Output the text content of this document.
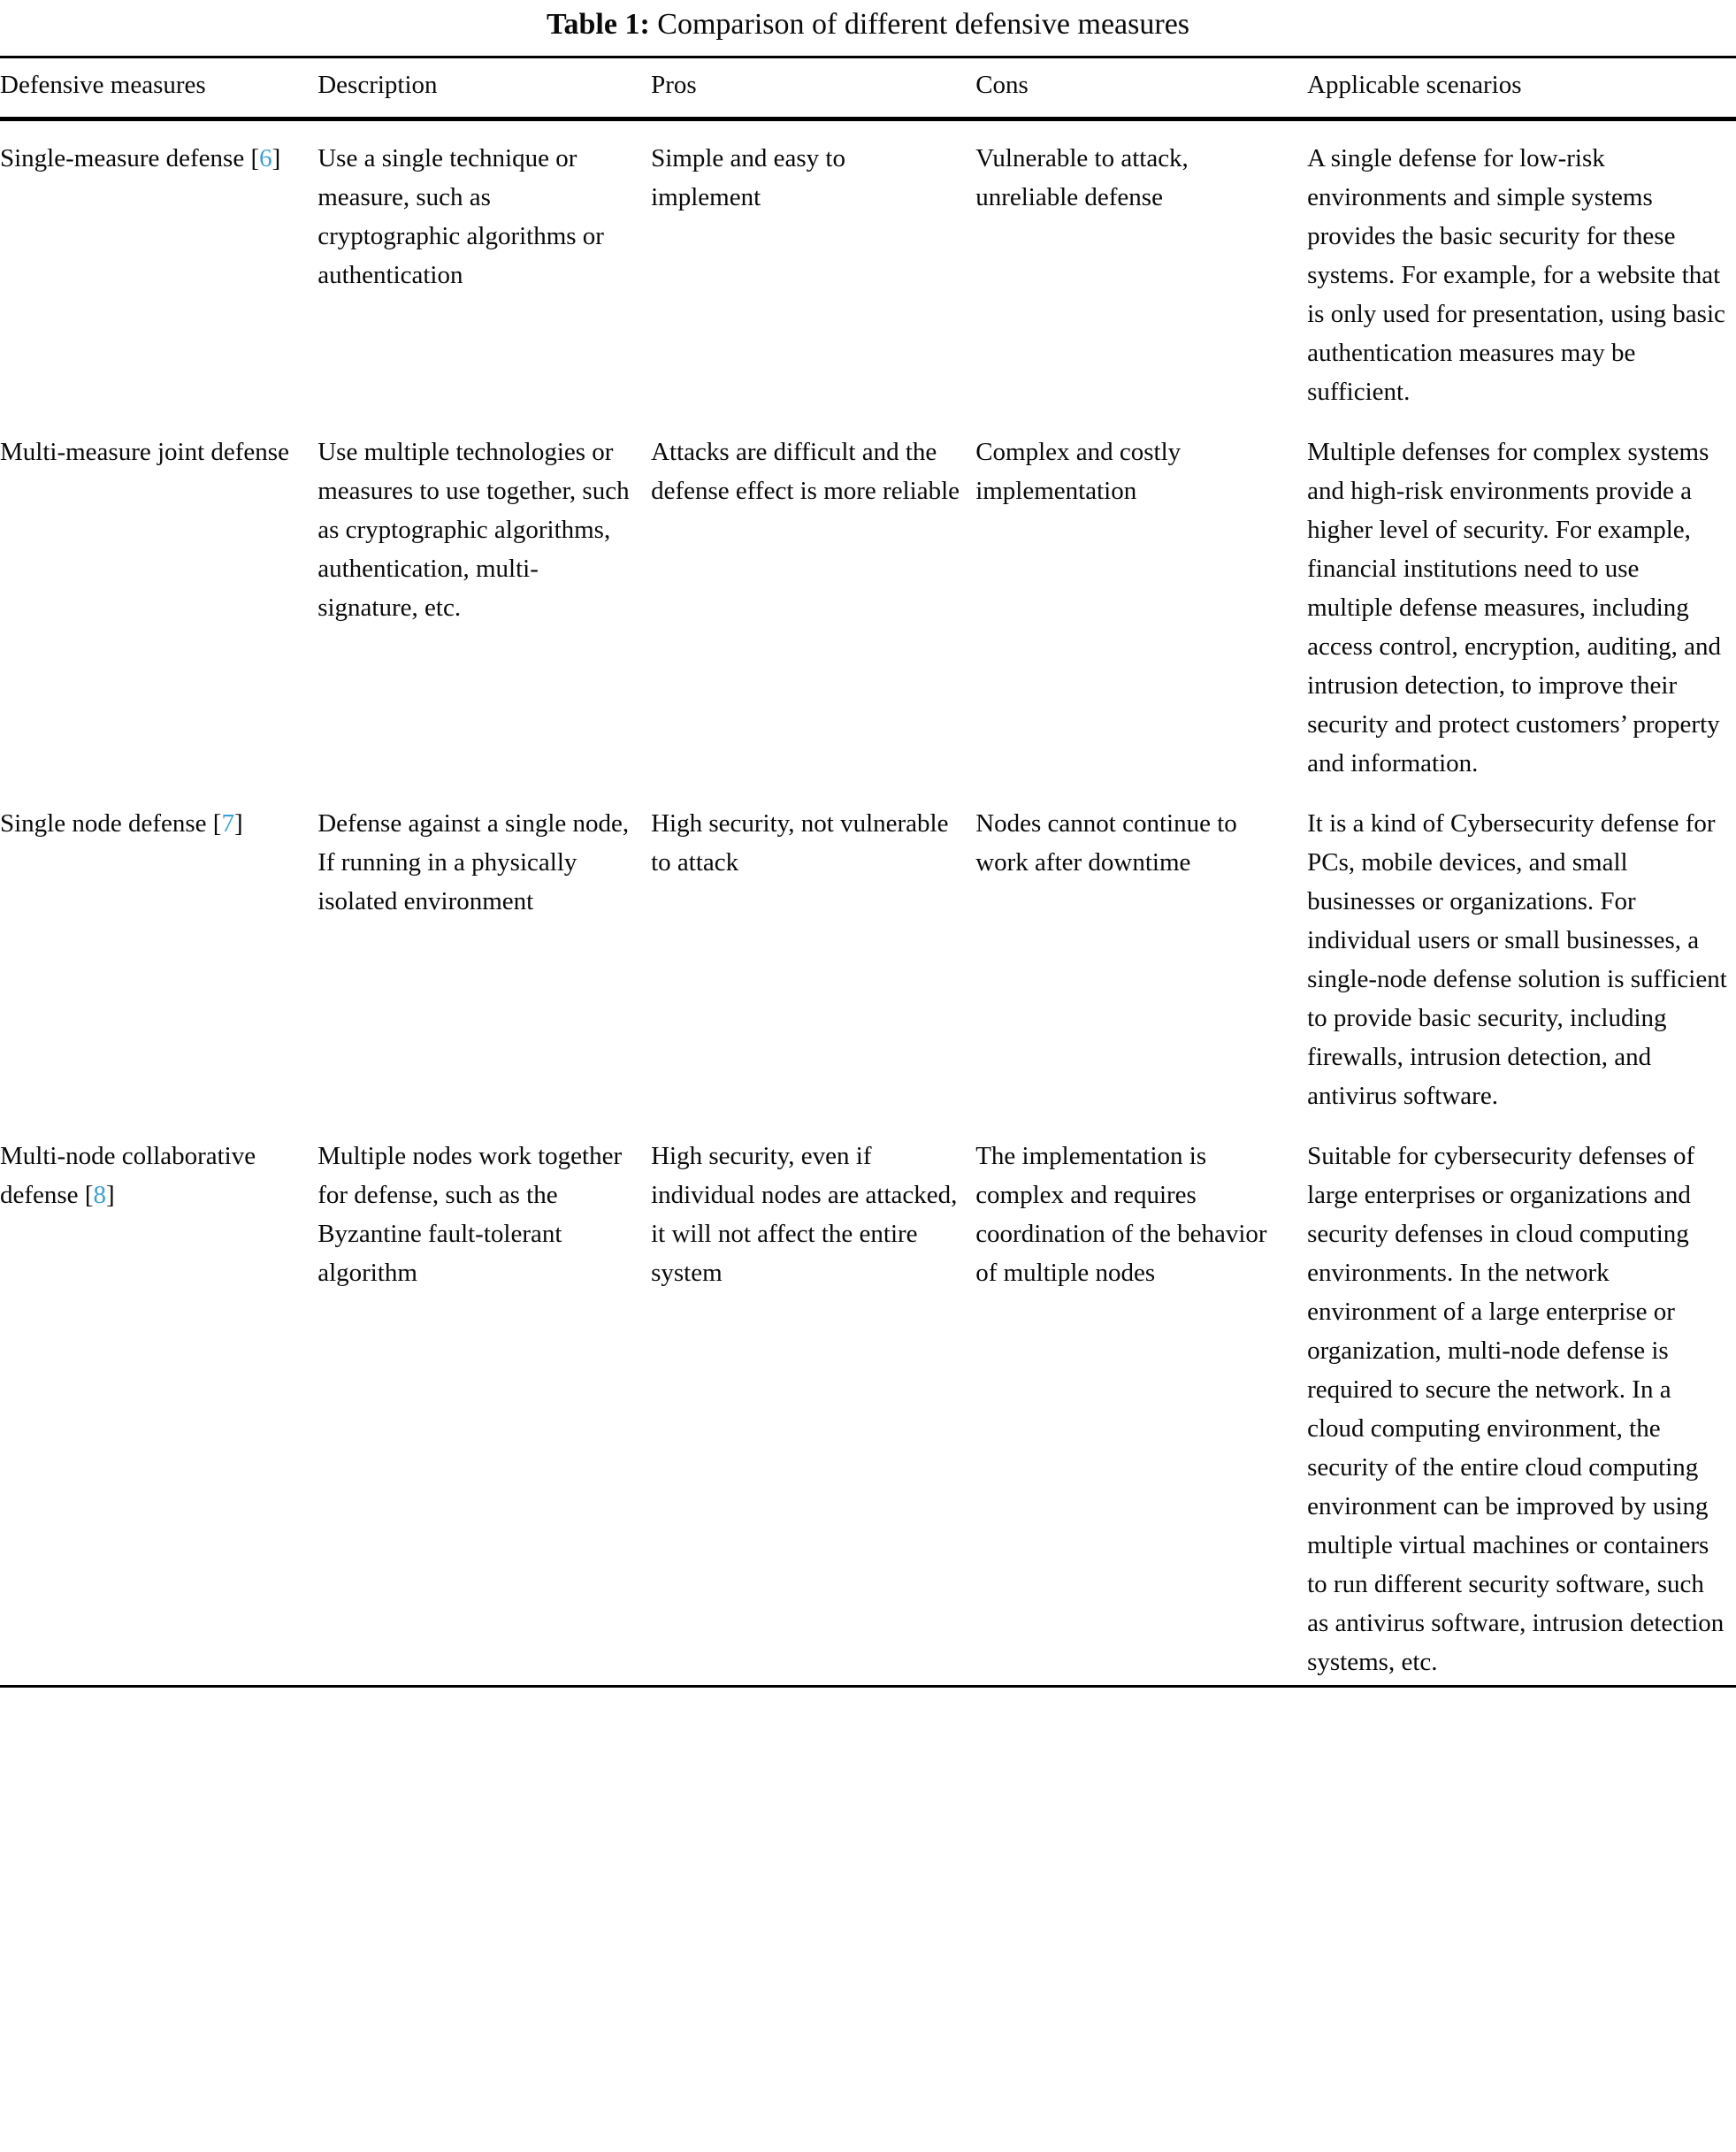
Table 1: Comparison of different defensive measures
Defensive measures	Description	Pros	Cons	Applicable scenarios
Single-measure defense [6]	Use a single technique or measure, such as cryptographic algorithms or authentication	Simple and easy to implement	Vulnerable to attack, unreliable defense	A single defense for low-risk environments and simple systems provides the basic security for these systems. For example, for a website that is only used for presentation, using basic authentication measures may be sufficient.
Multi-measure joint defense	Use multiple technologies or measures to use together, such as cryptographic algorithms, authentication, multi-signature, etc.	Attacks are difficult and the defense effect is more reliable	Complex and costly implementation	Multiple defenses for complex systems and high-risk environments provide a higher level of security. For example, financial institutions need to use multiple defense measures, including access control, encryption, auditing, and intrusion detection, to improve their security and protect customers’ property and information.
Single node defense [7]	Defense against a single node, If running in a physically isolated environment	High security, not vulnerable to attack	Nodes cannot continue to work after downtime	It is a kind of Cybersecurity defense for PCs, mobile devices, and small businesses or organizations. For individual users or small businesses, a single-node defense solution is sufficient to provide basic security, including firewalls, intrusion detection, and antivirus software.
Multi-node collaborative defense [8]	Multiple nodes work together for defense, such as the Byzantine fault-tolerant algorithm	High security, even if individual nodes are attacked, it will not affect the entire system	The implementation is complex and requires coordination of the behavior of multiple nodes	Suitable for cybersecurity defenses of large enterprises or organizations and security defenses in cloud computing environments. In the network environment of a large enterprise or organization, multi-node defense is required to secure the network. In a cloud computing environment, the security of the entire cloud computing environment can be improved by using multiple virtual machines or containers to run different security software, such as antivirus software, intrusion detection systems, etc.
